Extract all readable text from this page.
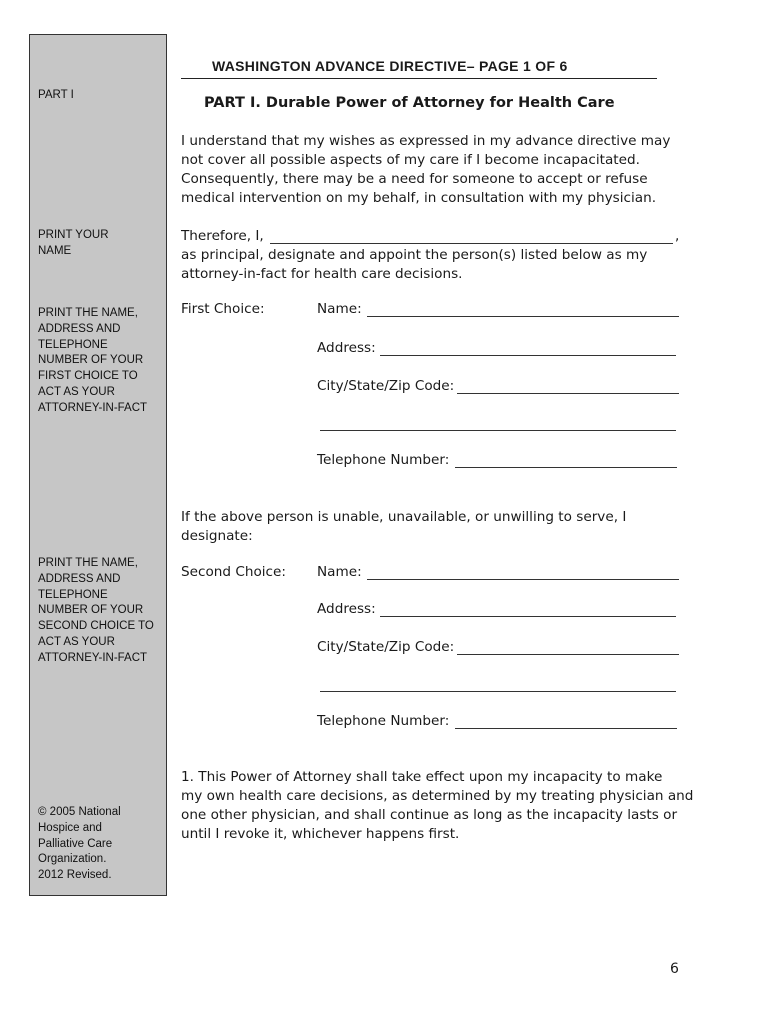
PART I
PRINT YOUR
NAME
PRINT THE NAME,
ADDRESS AND
TELEPHONE
NUMBER OF YOUR
FIRST CHOICE TO
ACT AS YOUR
ATTORNEY-IN-FACT
PRINT THE NAME,
ADDRESS AND
TELEPHONE
NUMBER OF YOUR
SECOND CHOICE TO
ACT AS YOUR
ATTORNEY-IN-FACT
© 2005 National
Hospice and
Palliative Care
Organization.
2012 Revised.
WASHINGTON ADVANCE DIRECTIVE– PAGE 1 OF 6
PART I. Durable Power of Attorney for Health Care
I understand that my wishes as expressed in my advance directive may
not cover all possible aspects of my care if I become incapacitated.
Consequently, there may be a need for someone to accept or refuse
medical intervention on my behalf, in consultation with my physician.
Therefore, I,	,
as principal, designate and appoint the person(s) listed below as my
attorney-in-fact for health care decisions.
First Choice:	Name:
Address:
City/State/Zip Code:
Telephone Number:
If the above person is unable, unavailable, or unwilling to serve, I
designate:
Second Choice: Name:
Address:
City/State/Zip Code:
Telephone Number:
1. This Power of Attorney shall take effect upon my incapacity to make
my own health care decisions, as determined by my treating physician and
one other physician, and shall continue as long as the incapacity lasts or
until I revoke it, whichever happens first.
6
